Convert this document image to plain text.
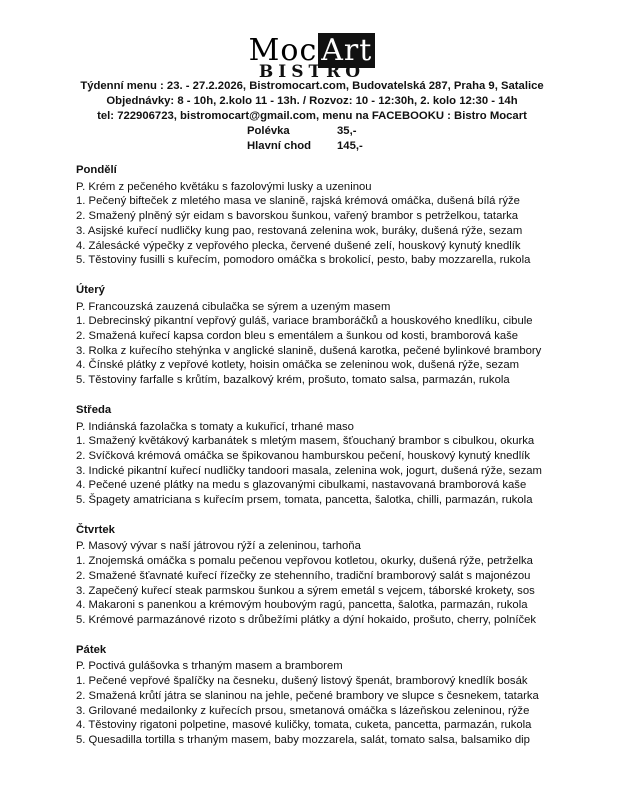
Moc Art
BISTRO
Týdenní menu : 23. - 27.2.2026, Bistromocart.com, Budovatelská 287, Praha 9, Satalice
Objednávky: 8 - 10h, 2.kolo 11 - 13h. / Rozvoz: 10 - 12:30h, 2. kolo 12:30 - 14h
tel: 722906723, bistromocart@gmail.com, menu na FACEBOOKU : Bistro Mocart
Polévka	35,-
Hlavní chod	145,-
Pondělí
P. Krém z pečeného květáku s fazolovými lusky a uzeninou
1. Pečený bifteček z mletého masa ve slanině, rajská krémová omáčka, dušená bílá rýže
2. Smažený plněný sýr eidam s bavorskou šunkou, vařený brambor s petrželkou, tatarka
3. Asijské kuřecí nudličky kung pao, restovaná zelenina wok, buráky, dušená rýže, sezam
4. Zálesácké výpečky z vepřového plecka, červené dušené zelí, houskový kynutý knedlík
5. Těstoviny fusilli s kuřecím, pomodoro omáčka s brokolicí, pesto, baby mozzarella, rukola
Úterý
P. Francouzská zauzená cibulačka se sýrem a uzeným masem
1. Debrecinský pikantní vepřový guláš, variace bramboráčků a houskového knedlíku, cibule
2. Smažená kuřecí kapsa cordon bleu s ementálem a šunkou od kosti, bramborová kaše
3. Rolka z kuřecího stehýnka v anglické slanině, dušená karotka, pečené bylinkové brambory
4. Čínské plátky z vepřové kotlety, hoisin omáčka se zeleninou wok, dušená rýže, sezam
5. Těstoviny farfalle s krůtím, bazalkový krém, prošuto, tomato salsa, parmazán, rukola
Středa
P. Indiánská fazolačka s tomaty a kukuřicí, trhané maso
1. Smažený květákový karbanátek s mletým masem, šťouchaný brambor s cibulkou, okurka
2. Svíčková krémová omáčka se špikovanou hamburskou pečení, houskový kynutý knedlík
3. Indické pikantní kuřecí nudličky tandoori masala, zelenina wok, jogurt, dušená rýže, sezam
4. Pečené uzené plátky na medu s glazovanými cibulkami, nastavovaná bramborová kaše
5. Špagety amatriciana s kuřecím prsem, tomata, pancetta, šalotka, chilli, parmazán, rukola
Čtvrtek
P. Masový vývar s naší játrovou rýží a zeleninou, tarhoňa
1. Znojemská omáčka s pomalu pečenou vepřovou kotletou, okurky, dušená rýže, petrželka
2. Smažené šťavnaté kuřecí řízečky ze stehenního, tradiční bramborový salát s majonézou
3. Zapečený kuřecí steak parmskou šunkou a sýrem emetál s vejcem, táborské krokety, sos
4. Makaroni s panenkou a krémovým houbovým ragú, pancetta, šalotka, parmazán, rukola
5. Krémové parmazánové rizoto s drůbežími plátky a dýní hokaido, prošuto, cherry, polníček
Pátek
P. Poctivá gulášovka s trhaným masem a bramborem
1. Pečené vepřové špalíčky na česneku, dušený listový špenát, bramborový knedlík bosák
2. Smažená krůtí játra se slaninou na jehle, pečené brambory ve slupce s česnekem, tatarka
3. Grilované medailonky z kuřecích prsou, smetanová omáčka s lázeňskou zeleninou, rýže
4. Těstoviny rigatoni polpetine, masové kuličky, tomata, cuketa, pancetta, parmazán, rukola
5. Quesadilla tortilla s trhaným masem, baby mozzarela, salát, tomato salsa, balsamiko dip
